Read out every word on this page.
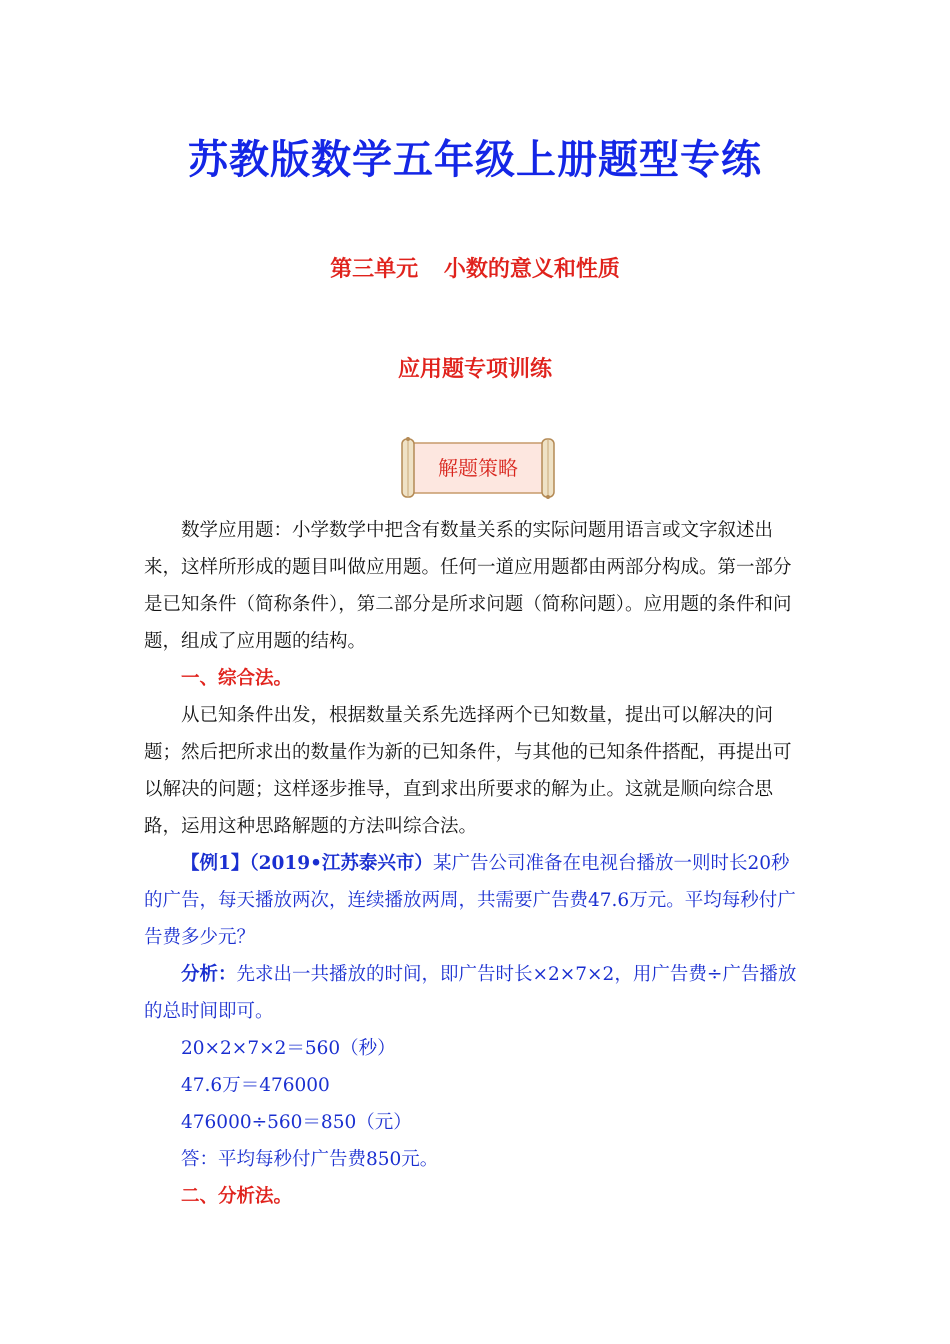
苏教版数学五年级上册题型专练
第三单元 小数的意义和性质
应用题专项训练
解题策略

数学应用题：小学数学中把含有数量关系的实际问题用语言或文字叙述出来，这样所形成的题目叫做应用题。任何一道应用题都由两部分构成。第一部分是已知条件（简称条件），第二部分是所求问题（简称问题）。应用题的条件和问题，组成了应用题的结构。

一、综合法。

从已知条件出发，根据数量关系先选择两个已知数量，提出可以解决的问题；然后把所求出的数量作为新的已知条件，与其他的已知条件搭配，再提出可以解决的问题；这样逐步推导，直到求出所要求的解为止。这就是顺向综合思路，运用这种思路解题的方法叫综合法。

【例1】（2019•江苏泰兴市）某广告公司准备在电视台播放一则时长20秒的广告，每天播放两次，连续播放两周，共需要广告费47.6万元。平均每秒付广告费多少元？

分析：先求出一共播放的时间，即广告时长×2×7×2，用广告费÷广告播放的总时间即可。

20×2×7×2＝560（秒）

47.6万＝476000

476000÷560＝850（元）

答：平均每秒付广告费850元。

二、分析法。
